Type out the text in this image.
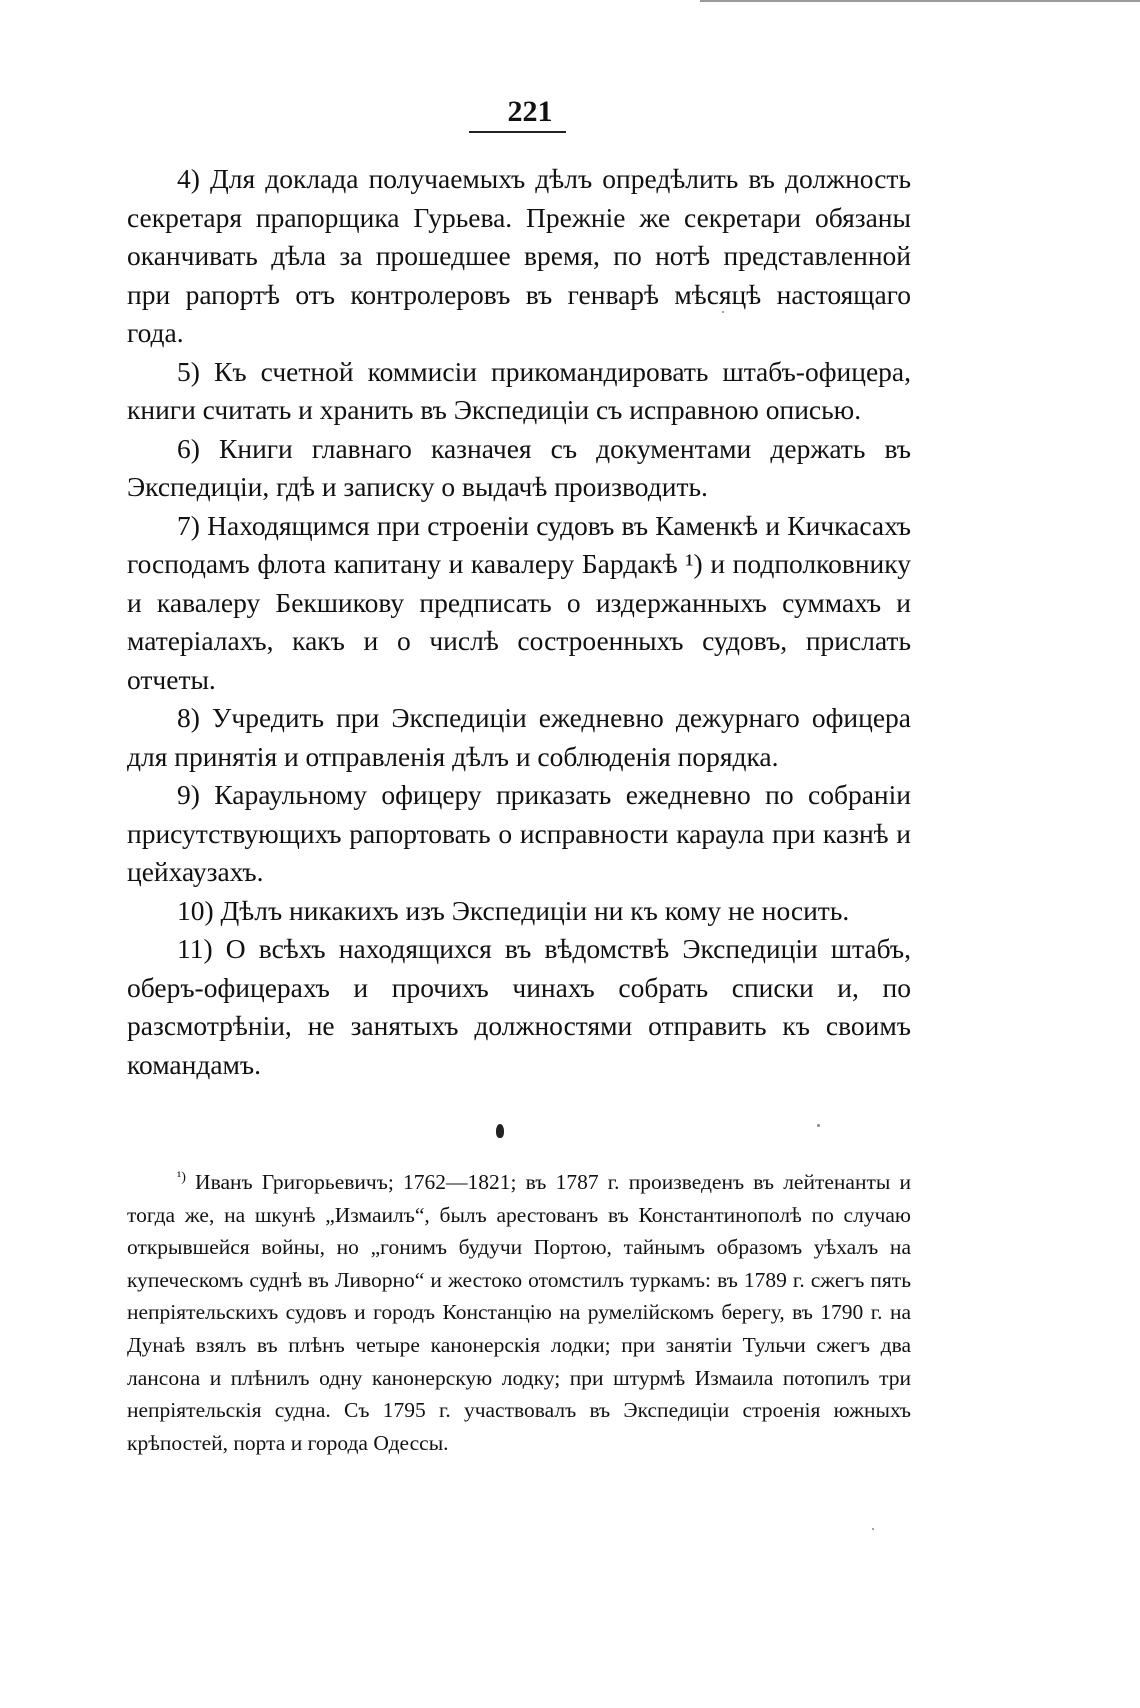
221

4) Для доклада получаемыхъ дѣлъ опредѣлить въ должность секретаря прапорщика Гурьева. Прежніе же секретари обязаны оканчивать дѣла за прошедшее время, по нотѣ представленной при рапортѣ отъ контролеровъ въ генварѣ мѣсяцѣ настоящаго года.

5) Къ счетной коммисіи прикомандировать штабъ-офицера, книги считать и хранить въ Экспедиціи съ исправною описью.

6) Книги главнаго казначея съ документами держать въ Экспедиціи, гдѣ и записку о выдачѣ производить.

7) Находящимся при строеніи судовъ въ Каменкѣ и Кичкасахъ господамъ флота капитану и кавалеру Бардакѣ ¹) и подполковнику и кавалеру Бекшикову предписать о издержанныхъ суммахъ и матеріалахъ, какъ и о числѣ состроенныхъ судовъ, прислать отчеты.

8) Учредить при Экспедиціи ежедневно дежурнаго офицера для принятія и отправленія дѣлъ и соблюденія порядка.

9) Караульному офицеру приказать ежедневно по собраніи присутствующихъ рапортовать о исправности караула при казнѣ и цейхаузахъ.

10) Дѣлъ никакихъ изъ Экспедиціи ни къ кому не носить.

11) О всѣхъ находящихся въ вѣдомствѣ Экспедиціи штабъ, оберъ-офицерахъ и прочихъ чинахъ собрать списки и, по разсмотрѣніи, не занятыхъ должностями отправить къ своимъ командамъ.

$^{^1)}$ Иванъ Григорьевичъ; 1762—1821; въ 1787 г. произведенъ въ лейтенанты и тогда же, на шкунѣ „Измаилъ“, былъ арестованъ въ Константинополѣ по случаю открывшейся войны, но „гонимъ будучи Портою, тайнымъ образомъ уѣхалъ на купеческомъ суднѣ въ Ливорно“ и жестоко отомстилъ туркамъ: въ 1789 г. сжегъ пять непріятельскихъ судовъ и городъ Констанцію на румелійскомъ берегу, въ 1790 г. на Дунаѣ взялъ въ плѣнъ четыре канонерскія лодки; при занятіи Тульчи сжегъ два лансона и плѣнилъ одну канонерскую лодку; при штурмѣ Измаила потопилъ три непріятельскія судна. Съ 1795 г. участвовалъ въ Экспедиціи строенія южныхъ крѣпостей, порта и города Одессы.
